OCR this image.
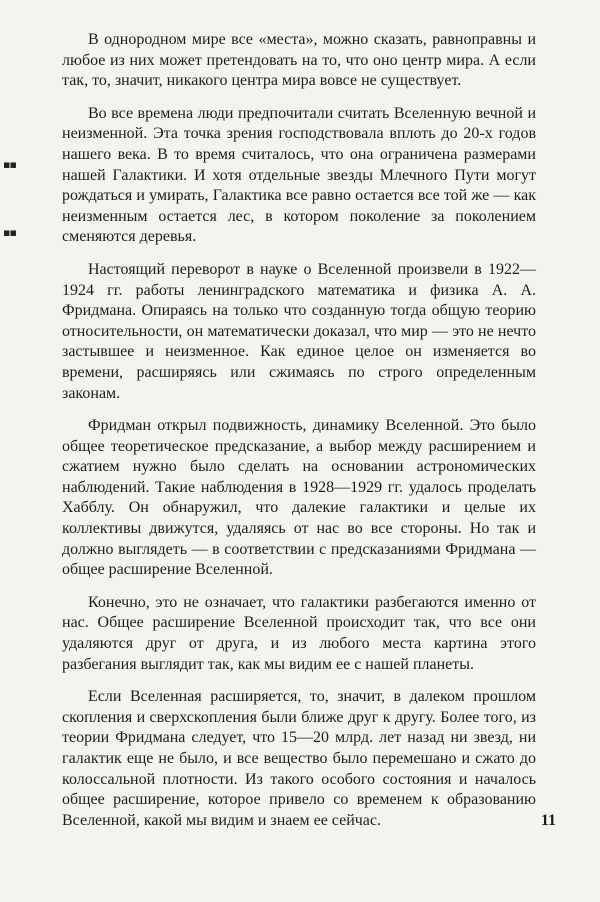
▪▪
▪▪

В однородном мире все «места», можно сказать, равноправны и любое из них может претендовать на то, что оно центр мира. А если так, то, значит, никакого центра мира вовсе не существует.

Во все времена люди предпочитали считать Вселенную вечной и неизменной. Эта точка зрения господствовала вплоть до 20-х годов нашего века. В то время считалось, что она ограничена размерами нашей Галактики. И хотя отдельные звезды Млечного Пути могут рождаться и умирать, Галактика все равно остается все той же — как неизменным остается лес, в котором поколение за поколением сменяются деревья.

Настоящий переворот в науке о Вселенной произвели в 1922—1924 гг. работы ленинградского математика и физика А. А. Фридмана. Опираясь на только что созданную тогда общую теорию относительности, он математически доказал, что мир — это не нечто застывшее и неизменное. Как единое целое он изменяется во времени, расширяясь или сжимаясь по строго определенным законам.

Фридман открыл подвижность, динамику Вселенной. Это было общее теоретическое предсказание, а выбор между расширением и сжатием нужно было сделать на основании астрономических наблюдений. Такие наблюдения в 1928—1929 гг. удалось проделать Хабблу. Он обнаружил, что далекие галактики и целые их коллективы движутся, удаляясь от нас во все стороны. Но так и должно выглядеть — в соответствии с предсказаниями Фридмана — общее расширение Вселенной.

Конечно, это не означает, что галактики разбегаются именно от нас. Общее расширение Вселенной происходит так, что все они удаляются друг от друга, и из любого места картина этого разбегания выглядит так, как мы видим ее с нашей планеты.

Если Вселенная расширяется, то, значит, в далеком прошлом скопления и сверхскопления были ближе друг к другу. Более того, из теории Фридмана следует, что 15—20 млрд. лет назад ни звезд, ни галактик еще не было, и все вещество было перемешано и сжато до колоссальной плотности. Из такого особого состояния и началось общее расширение, которое привело со временем к образованию Вселенной, какой мы видим и знаем ее сейчас.	11
